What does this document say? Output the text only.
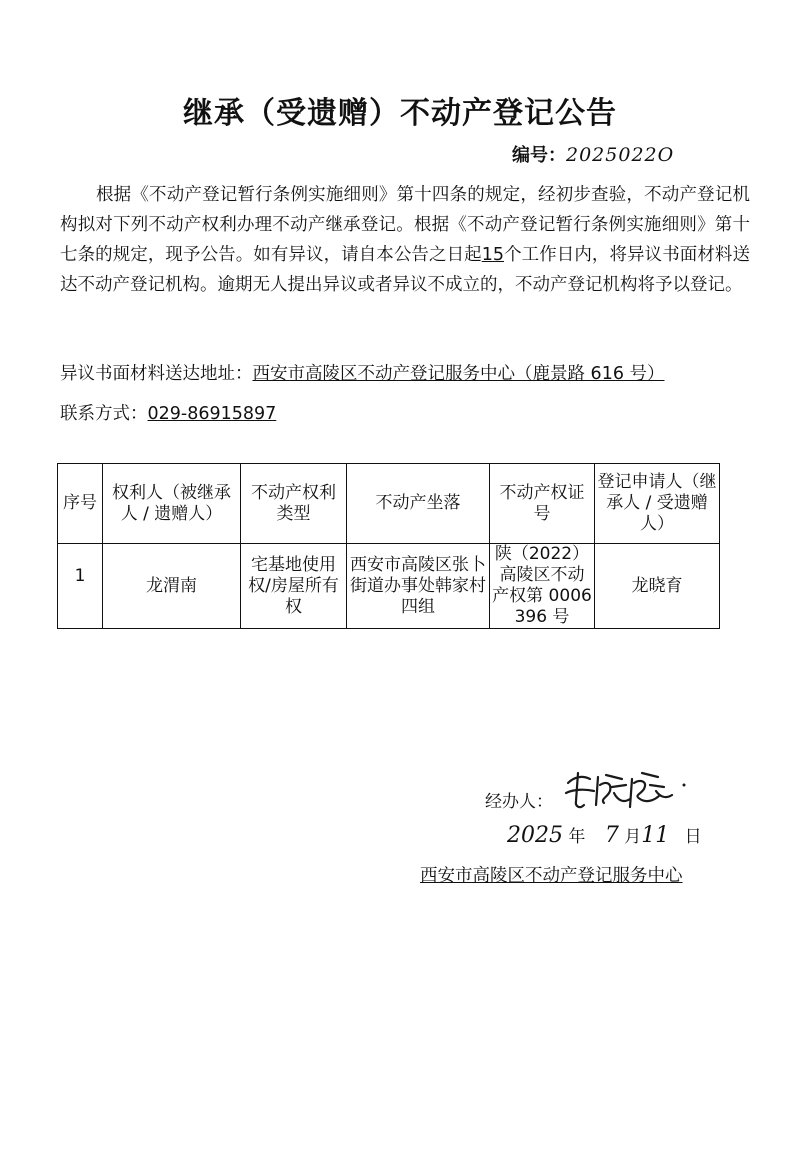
继承（受遗赠）不动产登记公告
编号：2025022O
根据《不动产登记暂行条例实施细则》第十四条的规定，经初步查验，不动产登记机构拟对下列不动产权利办理不动产继承登记。根据《不动产登记暂行条例实施细则》第十七条的规定，现予公告。如有异议，请自本公告之日起15个工作日内，将异议书面材料送达不动产登记机构。逾期无人提出异议或者异议不成立的，不动产登记机构将予以登记。
异议书面材料送达地址：西安市高陵区不动产登记服务中心（鹿景路 616 号）
联系方式：029-86915897
序号	权利人（被继承人 / 遗赠人）	不动产权利类型	不动产坐落	不动产权证号	登记申请人（继承人 / 受遗赠人）
1	龙渭南	宅基地使用权/房屋所有权	西安市高陵区张卜街道办事处韩家村四组	陕（2022）高陵区不动产权第 0006396 号	龙晓育
经办人：
2025 年 7 月11 日
西安市高陵区不动产登记服务中心
